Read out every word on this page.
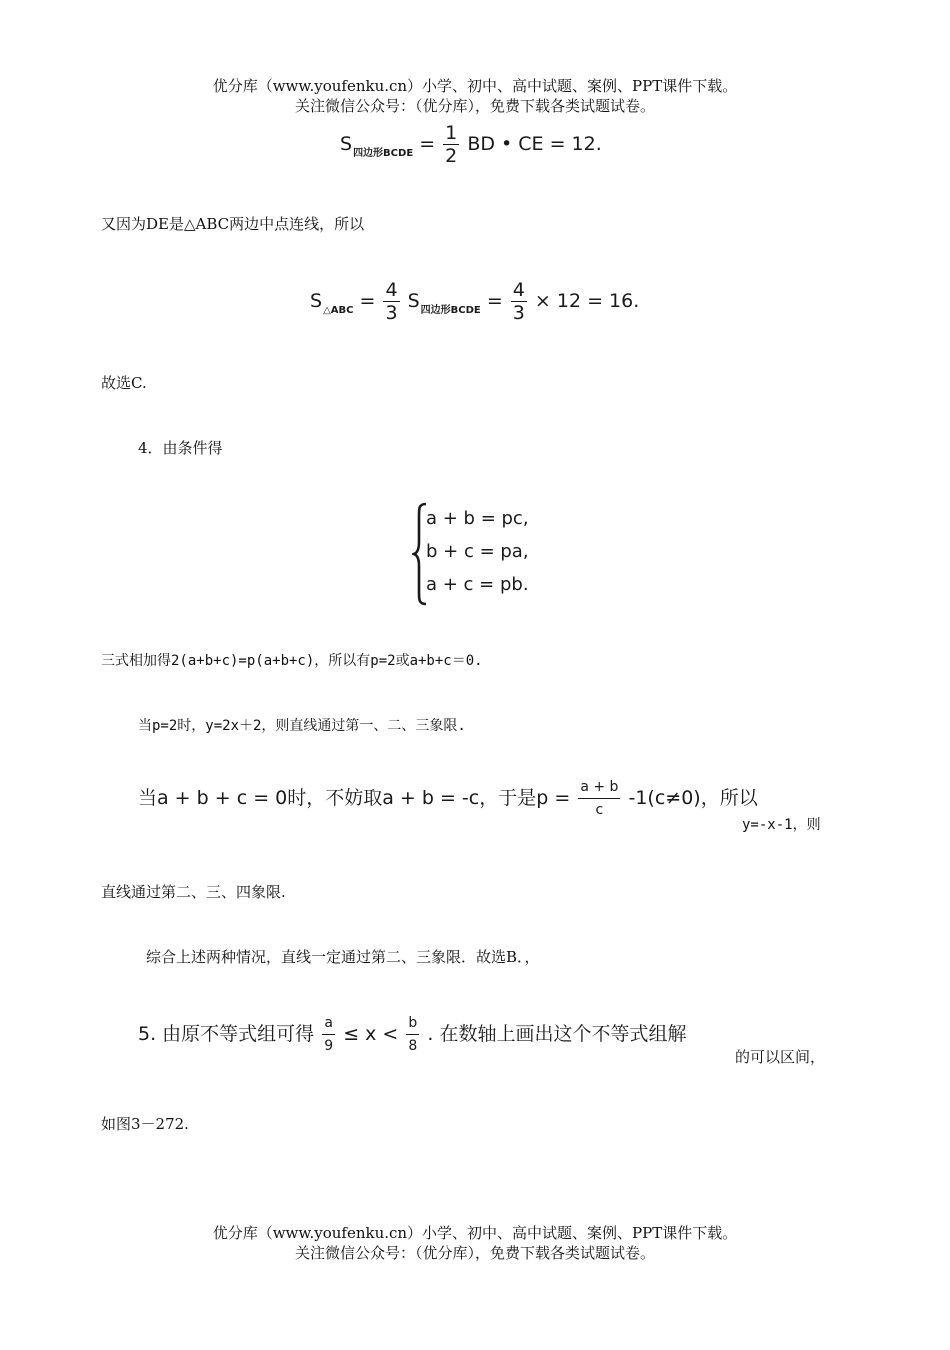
优分库（www.youfenku.cn）小学、初中、高中试题、案例、PPT课件下载。
关注微信公众号：（优分库），免费下载各类试题试卷。
$S_{四边形BCDE} = \frac{1}{2}$ BD • CE = 12.
又因为DE是△ABC两边中点连线，所以
$S_{\triangle ABC} = \frac{4}{3} S_{四边形BCDE} = \frac{4}{3} \times 12 = 16$.
故选C.
4．由条件得
a + b = pc,
b + c = pa,
a + c = pb.
三式相加得2(a+b+c)=p(a+b+c)，所以有p=2或a+b+c＝0.
当p=2时，y=2x＋2，则直线通过第一、二、三象限.
当a + b + c = 0时，不妨取a + b = -c，于是$p = \frac{a + b}{c} -1(c\ne 0)$，所以
y=-x-1，则
直线通过第二、三、四象限.
综合上述两种情况，直线一定通过第二、三象限．故选B．，
5. 由原不等式组可得 $\frac{a}{9} \le x < \frac{b}{8}$ . 在数轴上画出这个不等式组解
的可以区间，
如图3－272.
优分库（www.youfenku.cn）小学、初中、高中试题、案例、PPT课件下载。
关注微信公众号：（优分库），免费下载各类试题试卷。
